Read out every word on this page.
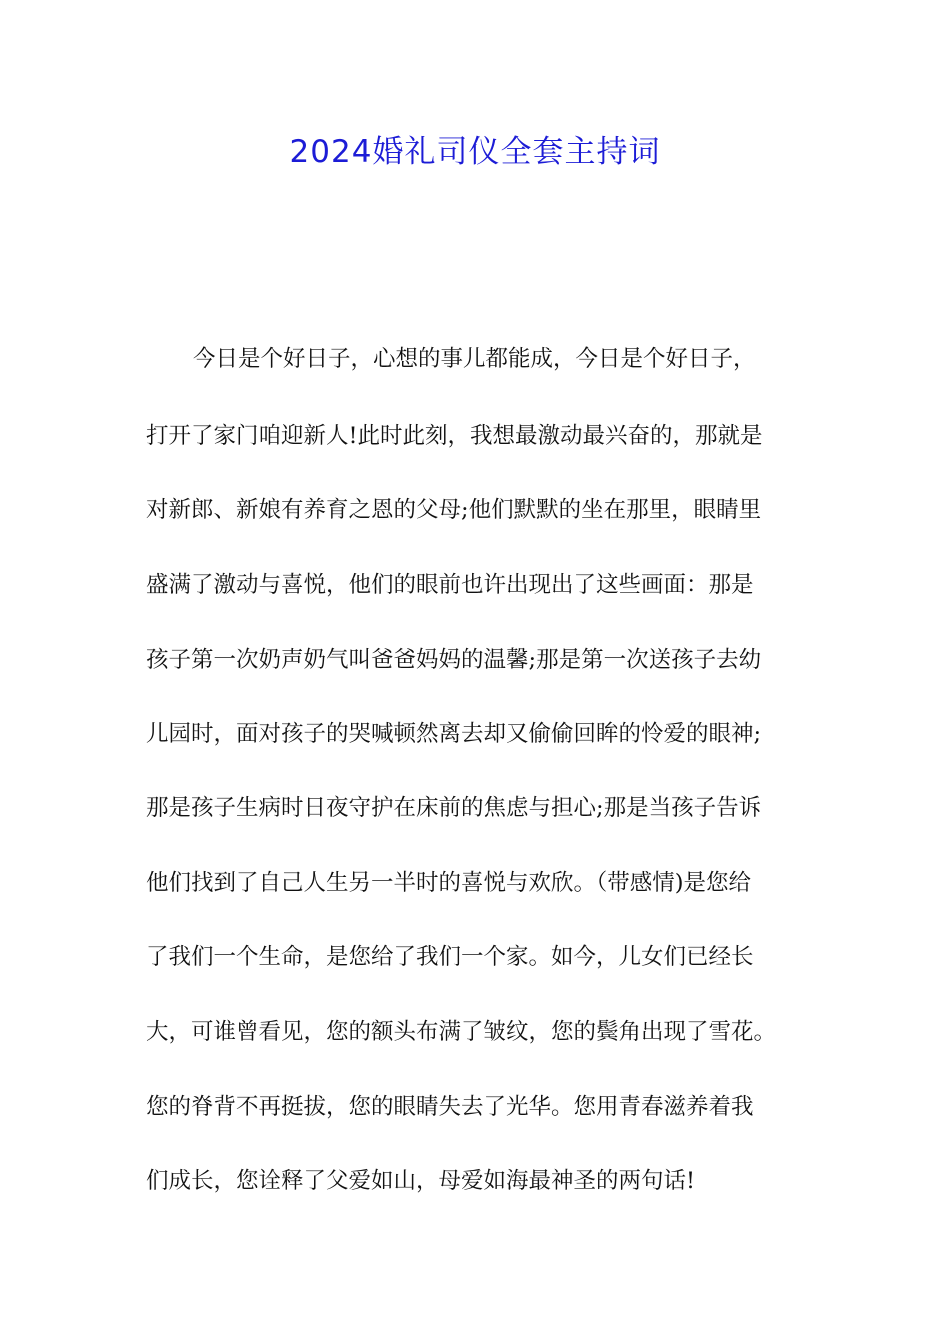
2024婚礼司仪全套主持词
今日是个好日子，心想的事儿都能成，今日是个好日子，
打开了家门咱迎新人!此时此刻，我想最激动最兴奋的，那就是
对新郎、新娘有养育之恩的父母;他们默默的坐在那里，眼睛里
盛满了激动与喜悦，他们的眼前也许出现出了这些画面：那是
孩子第一次奶声奶气叫爸爸妈妈的温馨;那是第一次送孩子去幼
儿园时，面对孩子的哭喊顿然离去却又偷偷回眸的怜爱的眼神;
那是孩子生病时日夜守护在床前的焦虑与担心;那是当孩子告诉
他们找到了自己人生另一半时的喜悦与欢欣。（带感情)是您给
了我们一个生命，是您给了我们一个家。如今，儿女们已经长
大，可谁曾看见，您的额头布满了皱纹，您的鬓角出现了雪花。
您的脊背不再挺拔，您的眼睛失去了光华。您用青春滋养着我
们成长，您诠释了父爱如山，母爱如海最神圣的两句话!
